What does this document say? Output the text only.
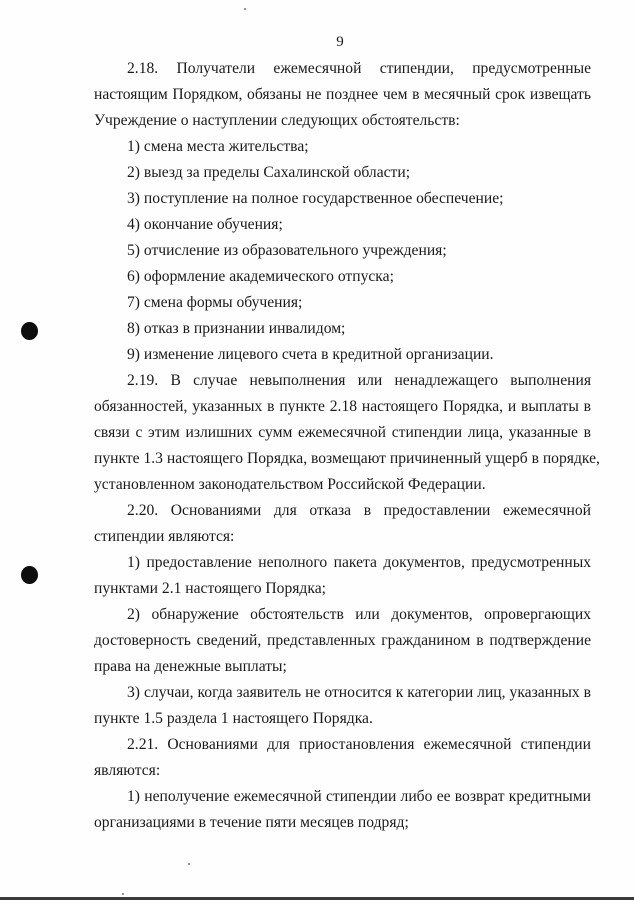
9
2.18. Получатели ежемесячной стипендии, предусмотренные
настоящим Порядком, обязаны не позднее чем в месячный срок извещать
Учреждение о наступлении следующих обстоятельств:
1) смена места жительства;
2) выезд за пределы Сахалинской области;
3) поступление на полное государственное обеспечение;
4) окончание обучения;
5) отчисление из образовательного учреждения;
6) оформление академического отпуска;
7) смена формы обучения;
8) отказ в признании инвалидом;
9) изменение лицевого счета в кредитной организации.
2.19. В случае невыполнения или ненадлежащего выполнения
обязанностей, указанных в пункте 2.18 настоящего Порядка, и выплаты в
связи с этим излишних сумм ежемесячной стипендии лица, указанные в
пункте 1.3 настоящего Порядка, возмещают причиненный ущерб в порядке,
установленном законодательством Российской Федерации.
2.20. Основаниями для отказа в предоставлении ежемесячной
стипендии являются:
1) предоставление неполного пакета документов, предусмотренных
пунктами 2.1 настоящего Порядка;
2) обнаружение обстоятельств или документов, опровергающих
достоверность сведений, представленных гражданином в подтверждение
права на денежные выплаты;
3) случаи, когда заявитель не относится к категории лиц, указанных в
пункте 1.5 раздела 1 настоящего Порядка.
2.21. Основаниями для приостановления ежемесячной стипендии
являются:
1) неполучение ежемесячной стипендии либо ее возврат кредитными
организациями в течение пяти месяцев подряд;
